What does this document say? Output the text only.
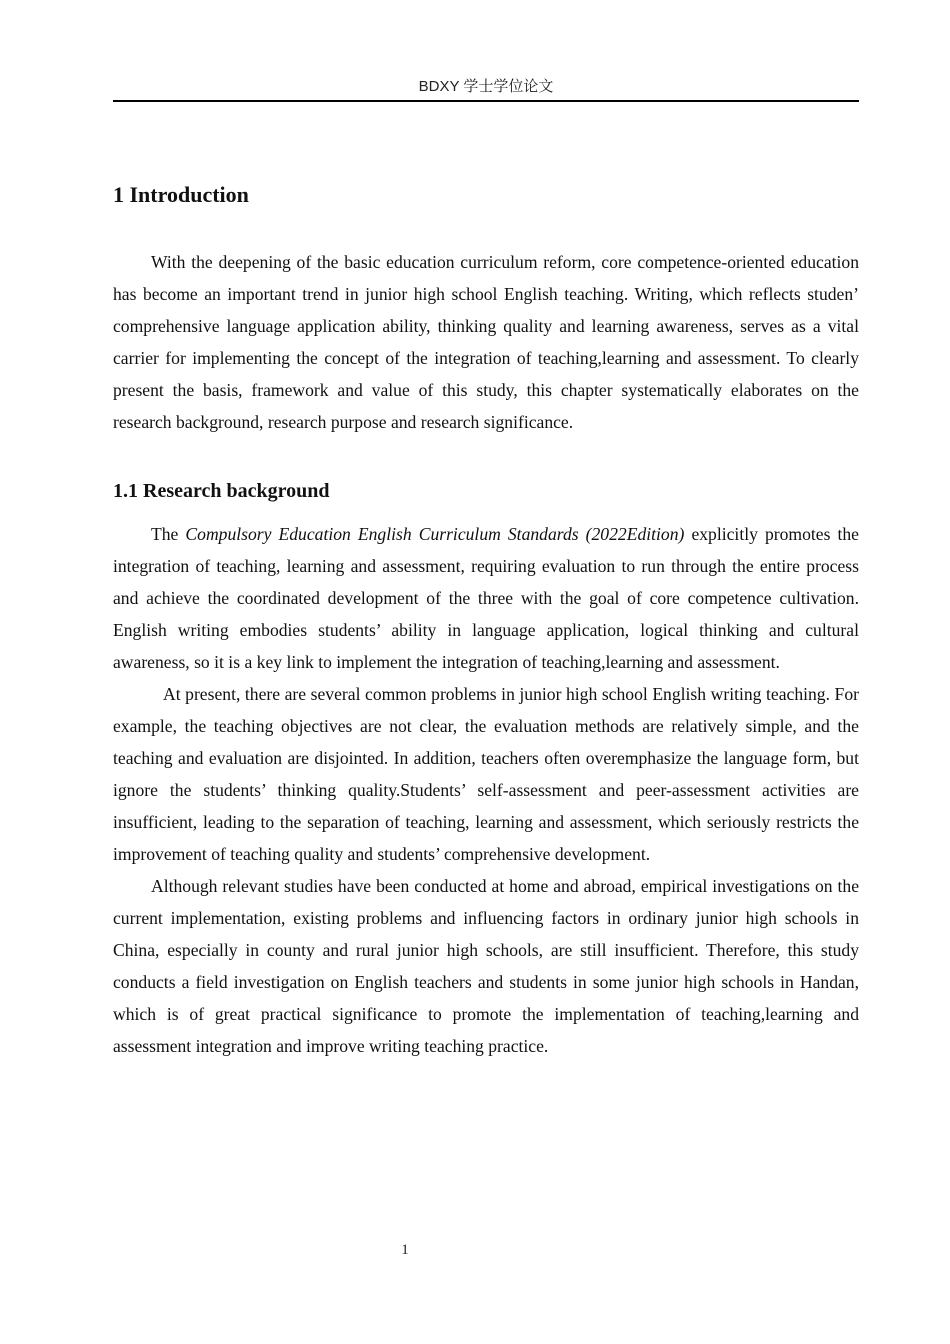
BDXY 学士学位论文
1 Introduction

With the deepening of the basic education curriculum reform, core competence-oriented education has become an important trend in junior high school English teaching. Writing, which reflects studen’ comprehensive language application ability, thinking quality and learning awareness, serves as a vital carrier for implementing the concept of the integration of teaching,learning and assessment. To clearly present the basis, framework and value of this study, this chapter systematically elaborates on the research background, research purpose and research significance.

1.1 Research background

The Compulsory Education English Curriculum Standards (2022Edition) explicitly promotes the integration of teaching, learning and assessment, requiring evaluation to run through the entire process and achieve the coordinated development of the three with the goal of core competence cultivation. English writing embodies students’ ability in language application, logical thinking and cultural awareness, so it is a key link to implement the integration of teaching,learning and assessment.

At present, there are several common problems in junior high school English writing teaching. For example, the teaching objectives are not clear, the evaluation methods are relatively simple, and the teaching and evaluation are disjointed. In addition, teachers often overemphasize the language form, but ignore the students’ thinking quality.Students’ self-assessment and peer-assessment activities are insufficient, leading to the separation of teaching, learning and assessment, which seriously restricts the improvement of teaching quality and students’ comprehensive development.

Although relevant studies have been conducted at home and abroad, empirical investigations on the current implementation, existing problems and influencing factors in ordinary junior high schools in China, especially in county and rural junior high schools, are still insufficient. Therefore, this study conducts a field investigation on English teachers and students in some junior high schools in Handan, which is of great practical significance to promote the implementation of teaching,learning and assessment integration and improve writing teaching practice.

1
